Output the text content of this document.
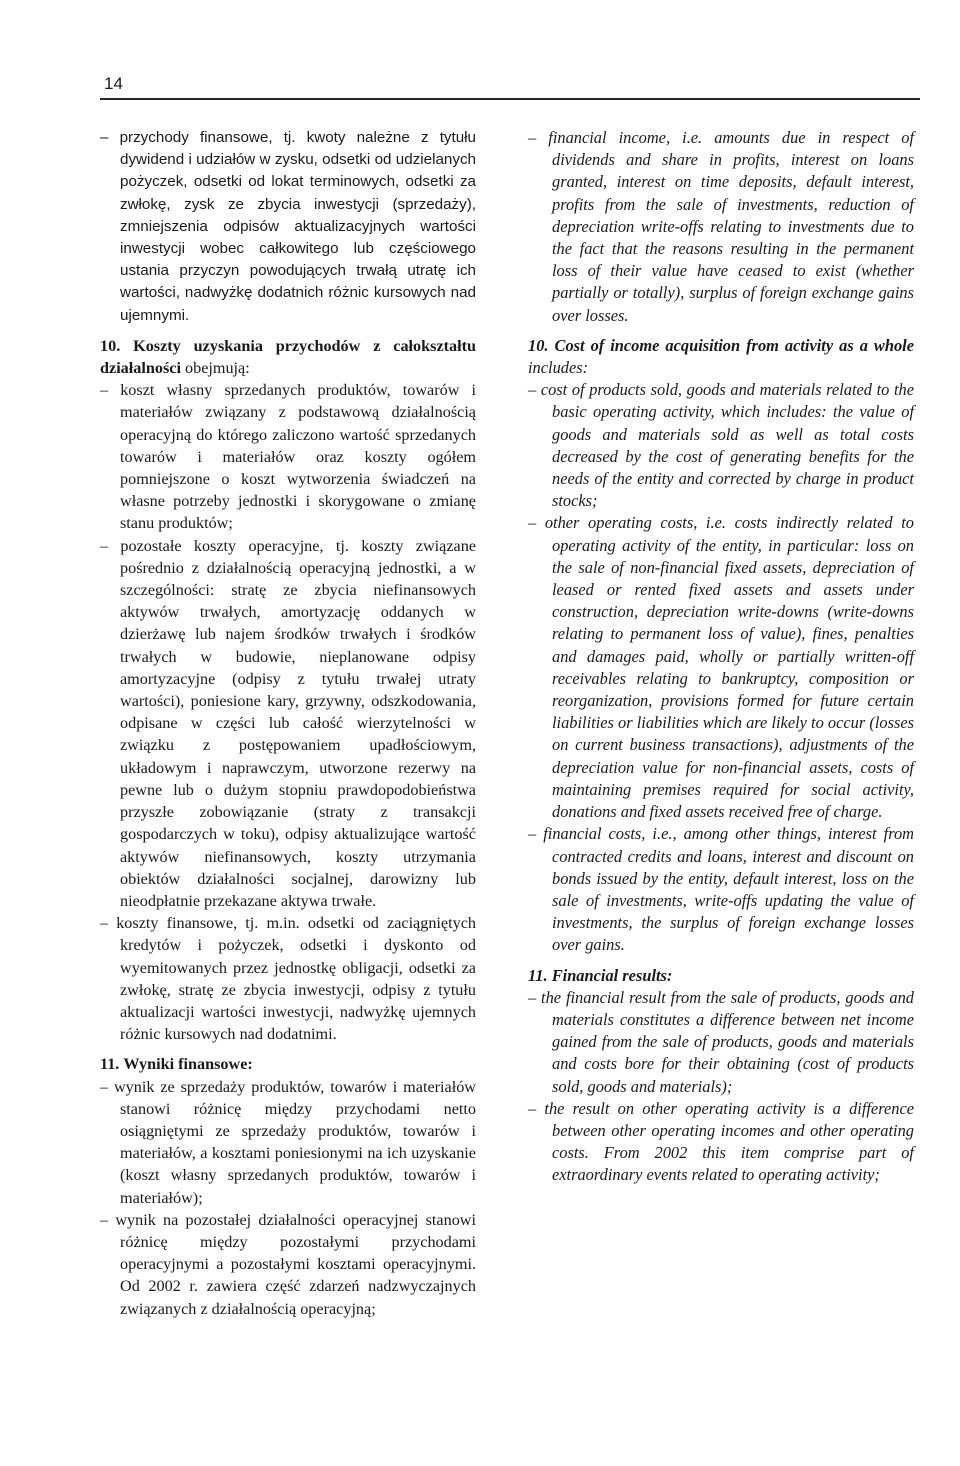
14

– przychody finansowe, tj. kwoty należne z tytułu dywidend i udziałów w zysku, odsetki od udzielanych pożyczek, odsetki od lokat terminowych, odsetki za zwłokę, zysk ze zbycia inwestycji (sprzedaży), zmniejszenia odpisów aktualizacyjnych wartości inwestycji wobec całkowitego lub częściowego ustania przyczyn powodujących trwałą utratę ich wartości, nadwyżkę dodatnich różnic kursowych nad ujemnymi.

10. Koszty uzyskania przychodów z całokształtu działalności obejmują:

– koszt własny sprzedanych produktów, towarów i materiałów związany z podstawową działalnością operacyjną do którego zaliczono wartość sprzedanych towarów i materiałów oraz koszty ogółem pomniejszone o koszt wytworzenia świadczeń na własne potrzeby jednostki i skorygowane o zmianę stanu produktów;

– pozostałe koszty operacyjne, tj. koszty związane pośrednio z działalnością operacyjną jednostki, a w szczególności: stratę ze zbycia niefinansowych aktywów trwałych, amortyzację oddanych w dzierżawę lub najem środków trwałych i środków trwałych w budowie, nieplanowane odpisy amortyzacyjne (odpisy z tytułu trwałej utraty wartości), poniesione kary, grzywny, odszkodowania, odpisane w części lub całość wierzytelności w związku z postępowaniem upadłościowym, układowym i naprawczym, utworzone rezerwy na pewne lub o dużym stopniu prawdopodobieństwa przyszłe zobowiązanie (straty z transakcji gospodarczych w toku), odpisy aktualizujące wartość aktywów niefinansowych, koszty utrzymania obiektów działalności socjalnej, darowizny lub nieodpłatnie przekazane aktywa trwałe.

– koszty finansowe, tj. m.in. odsetki od zaciągniętych kredytów i pożyczek, odsetki i dyskonto od wyemitowanych przez jednostkę obligacji, odsetki za zwłokę, stratę ze zbycia inwestycji, odpisy z tytułu aktualizacji wartości inwestycji, nadwyżkę ujemnych różnic kursowych nad dodatnimi.

11. Wyniki finansowe:

– wynik ze sprzedaży produktów, towarów i materiałów stanowi różnicę między przychodami netto osiągniętymi ze sprzedaży produktów, towarów i materiałów, a kosztami poniesionymi na ich uzyskanie (koszt własny sprzedanych produktów, towarów i materiałów);

– wynik na pozostałej działalności operacyjnej stanowi różnicę między pozostałymi przychodami operacyjnymi a pozostałymi kosztami operacyjnymi. Od 2002 r. zawiera część zdarzeń nadzwyczajnych związanych z działalnością operacyjną;

– financial income, i.e. amounts due in respect of dividends and share in profits, interest on loans granted, interest on time deposits, default interest, profits from the sale of investments, reduction of depreciation write-offs relating to investments due to the fact that the reasons resulting in the permanent loss of their value have ceased to exist (whether partially or totally), surplus of foreign exchange gains over losses.

10. Cost of income acquisition from activity as a whole includes:

– cost of products sold, goods and materials related to the basic operating activity, which includes: the value of goods and materials sold as well as total costs decreased by the cost of generating benefits for the needs of the entity and corrected by charge in product stocks;

– other operating costs, i.e. costs indirectly related to operating activity of the entity, in particular: loss on the sale of non-financial fixed assets, depreciation of leased or rented fixed assets and assets under construction, depreciation write-downs (write-downs relating to permanent loss of value), fines, penalties and damages paid, wholly or partially written-off receivables relating to bankruptcy, composition or reorganization, provisions formed for future certain liabilities or liabilities which are likely to occur (losses on current business transactions), adjustments of the depreciation value for non-financial assets, costs of maintaining premises required for social activity, donations and fixed assets received free of charge.

– financial costs, i.e., among other things, interest from contracted credits and loans, interest and discount on bonds issued by the entity, default interest, loss on the sale of investments, write-offs updating the value of investments, the surplus of foreign exchange losses over gains.

11. Financial results:

– the financial result from the sale of products, goods and materials constitutes a difference between net income gained from the sale of products, goods and materials and costs bore for their obtaining (cost of products sold, goods and materials);

– the result on other operating activity is a difference between other operating incomes and other operating costs. From 2002 this item comprise part of extraordinary events related to operating activity;
